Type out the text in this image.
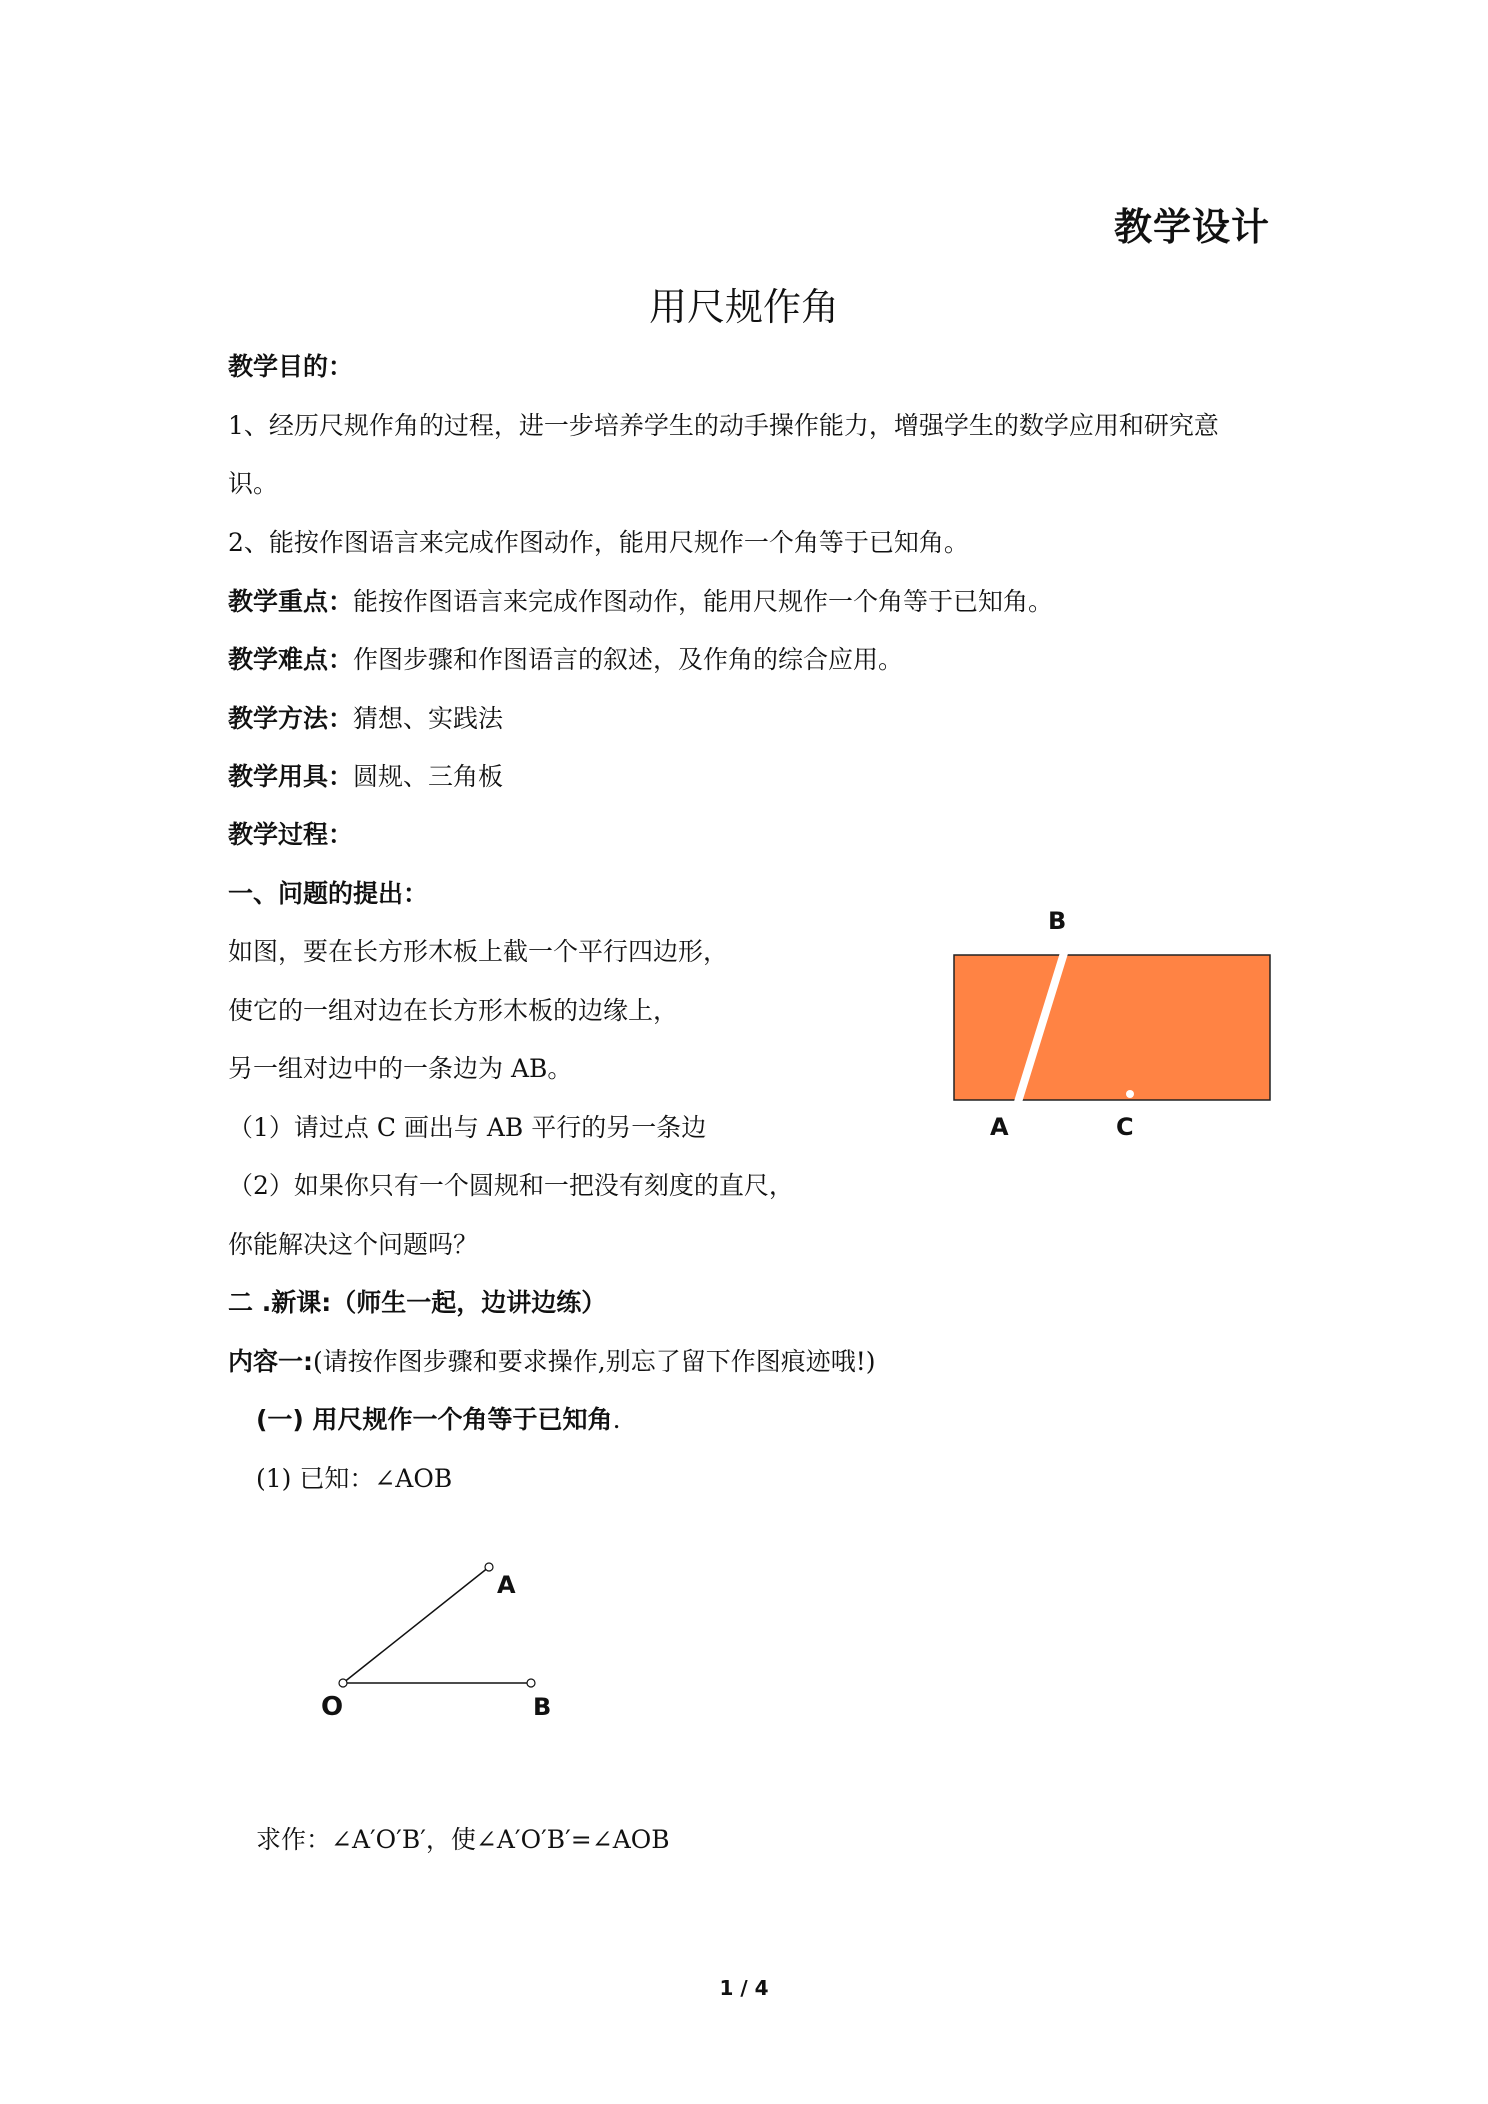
教学设计
用尺规作角
教学目的：
1、经历尺规作角的过程，进一步培养学生的动手操作能力，增强学生的数学应用和研究意
识。
2、能按作图语言来完成作图动作，能用尺规作一个角等于已知角。
教学重点：能按作图语言来完成作图动作，能用尺规作一个角等于已知角。
教学难点：作图步骤和作图语言的叙述，及作角的综合应用。
教学方法：猜想、实践法
教学用具：圆规、三角板
教学过程：
一、问题的提出：
如图，要在长方形木板上截一个平行四边形，
使它的一组对边在长方形木板的边缘上，
另一组对边中的一条边为 AB。
（1）请过点 C 画出与 AB 平行的另一条边
（2）如果你只有一个圆规和一把没有刻度的直尺，
你能解决这个问题吗？
B
A	C
二 .新课:（师生一起，边讲边练）
内容一:(请按作图步骤和要求操作,别忘了留下作图痕迹哦!)
(一) 用尺规作一个角等于已知角.
(1) 已知：∠AOB
A
O	B
求作：∠A′O′B′，使∠A′O′B′=∠AOB
1 / 4
